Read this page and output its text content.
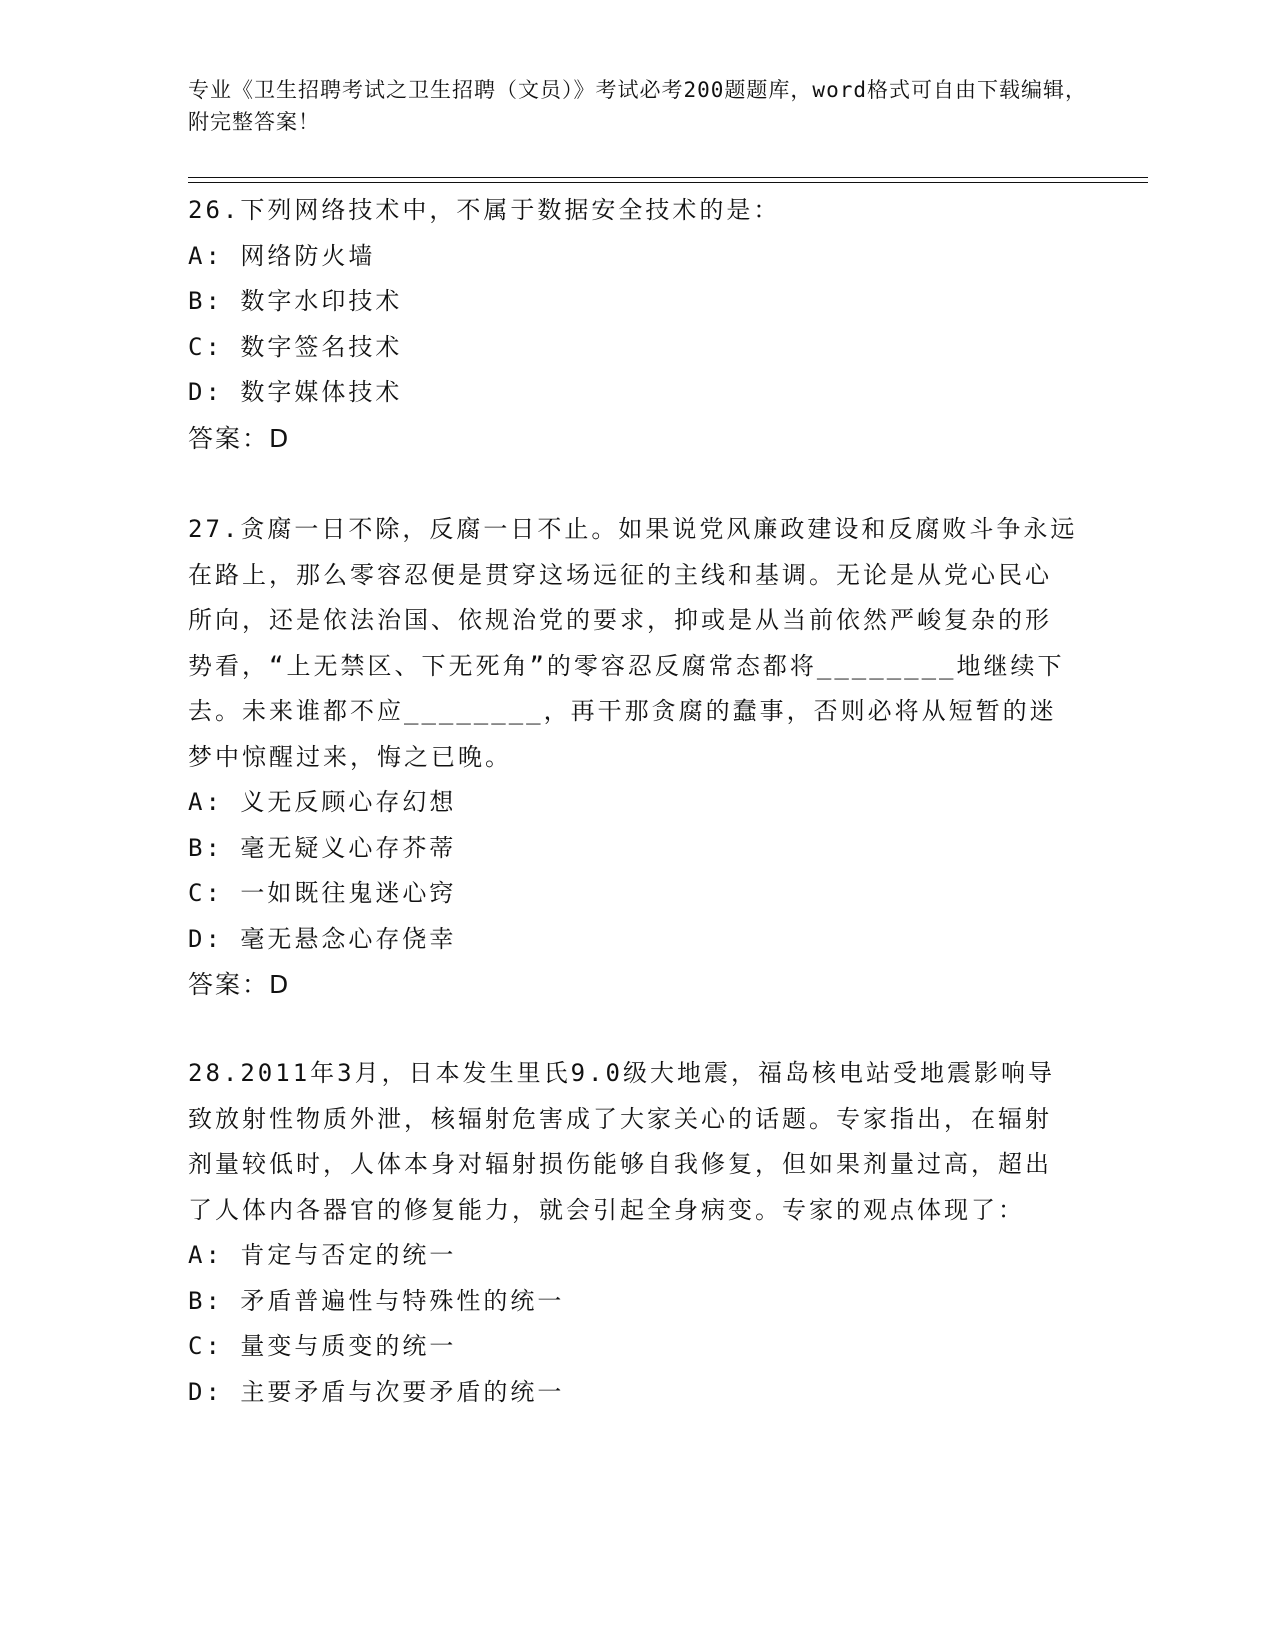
专业《卫生招聘考试之卫生招聘（文员）》考试必考200题题库，word格式可自由下载编辑，附完整答案！

26.下列网络技术中，不属于数据安全技术的是：

A: 网络防火墙

B: 数字水印技术

C: 数字签名技术

D: 数字媒体技术

答案：D

27.贪腐一日不除，反腐一日不止。如果说党风廉政建设和反腐败斗争永远在路上，那么零容忍便是贯穿这场远征的主线和基调。无论是从党心民心所向，还是依法治国、依规治党的要求，抑或是从当前依然严峻复杂的形势看，“上无禁区、下无死角”的零容忍反腐常态都将________地继续下去。未来谁都不应________，再干那贪腐的蠢事，否则必将从短暂的迷梦中惊醒过来，悔之已晚。

A: 义无反顾心存幻想

B: 毫无疑义心存芥蒂

C: 一如既往鬼迷心窍

D: 毫无悬念心存侥幸

答案：D

28.2011年3月，日本发生里氏9.0级大地震，福岛核电站受地震影响导致放射性物质外泄，核辐射危害成了大家关心的话题。专家指出，在辐射剂量较低时，人体本身对辐射损伤能够自我修复，但如果剂量过高，超出了人体内各器官的修复能力，就会引起全身病变。专家的观点体现了：

A: 肯定与否定的统一

B: 矛盾普遍性与特殊性的统一

C: 量变与质变的统一

D: 主要矛盾与次要矛盾的统一
